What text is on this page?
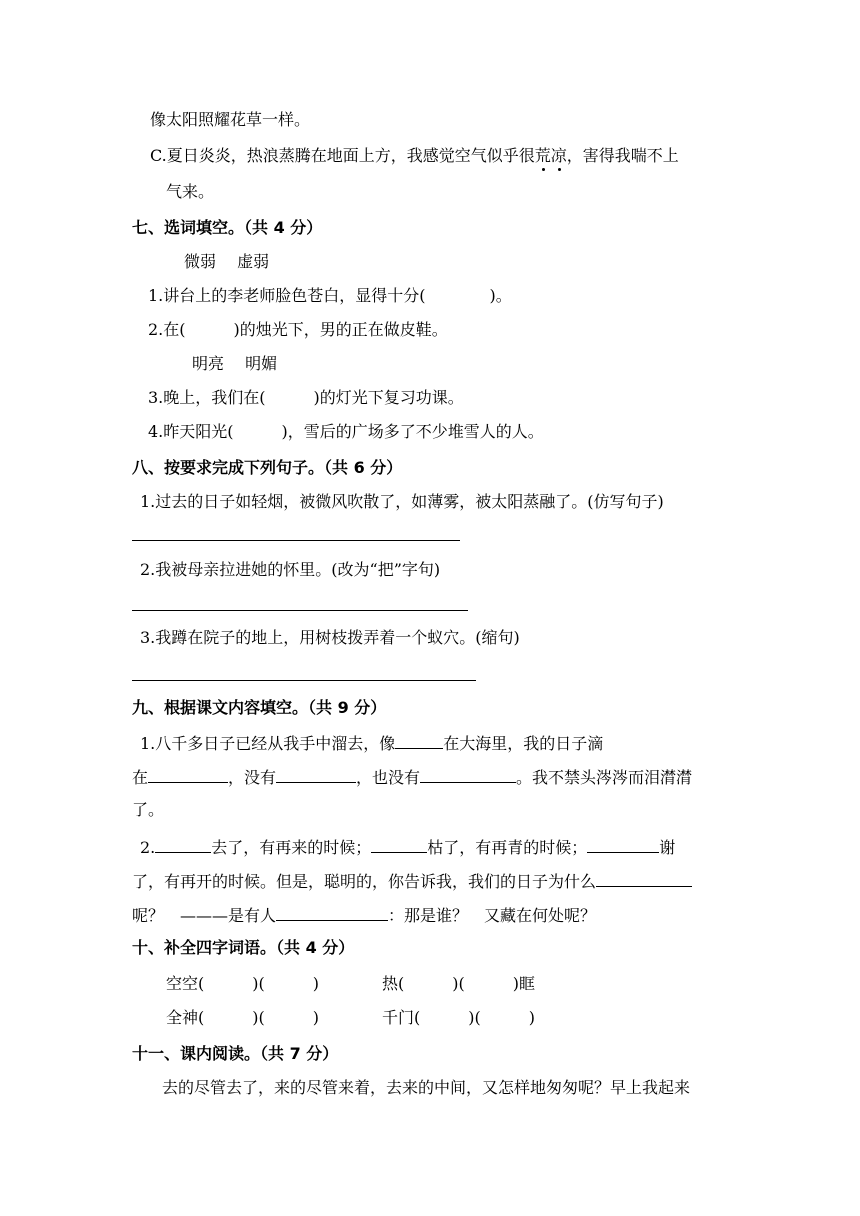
像太阳照耀花草一样。
C.夏日炎炎，热浪蒸腾在地面上方，我感觉空气似乎很荒凉，害得我喘不上
气来。
七、选词填空。（共 4 分）
微弱 　虚弱
1.讲台上的李老师脸色苍白，显得十分(　　　　)。
2.在(　　　)的烛光下，男的正在做皮鞋。
明亮 　明媚
3.晚上，我们在(　　　)的灯光下复习功课。
4.昨天阳光(　　　)，雪后的广场多了不少堆雪人的人。
八、按要求完成下列句子。（共 6 分）
1.过去的日子如轻烟，被微风吹散了，如薄雾，被太阳蒸融了。(仿写句子)
2.我被母亲拉进她的怀里。(改为“把”字句)
3.我蹲在院子的地上，用树枝拨弄着一个蚁穴。(缩句)
九、根据课文内容填空。（共 9 分）
1.八千多日子已经从我手中溜去，像	在大海里，我的日子滴
在	，没有	，也没有	。我不禁头涔涔而泪潸潸
了。
2.	去了，有再来的时候；	枯了，有再青的时候；	谢
了，有再开的时候。但是，聪明的，你告诉我，我们的日子为什么
呢？　———是有人	：那是谁？　又藏在何处呢？
十、补全四字词语。（共 4 分）
空空(　　　)(　　　)	热(　　　)(　　　)眶
全神(　　　)(　　　)	千门(　　　)(　　　)
十一、课内阅读。（共 7 分）
去的尽管去了，来的尽管来着，去来的中间，又怎样地匆匆呢？早上我起来
